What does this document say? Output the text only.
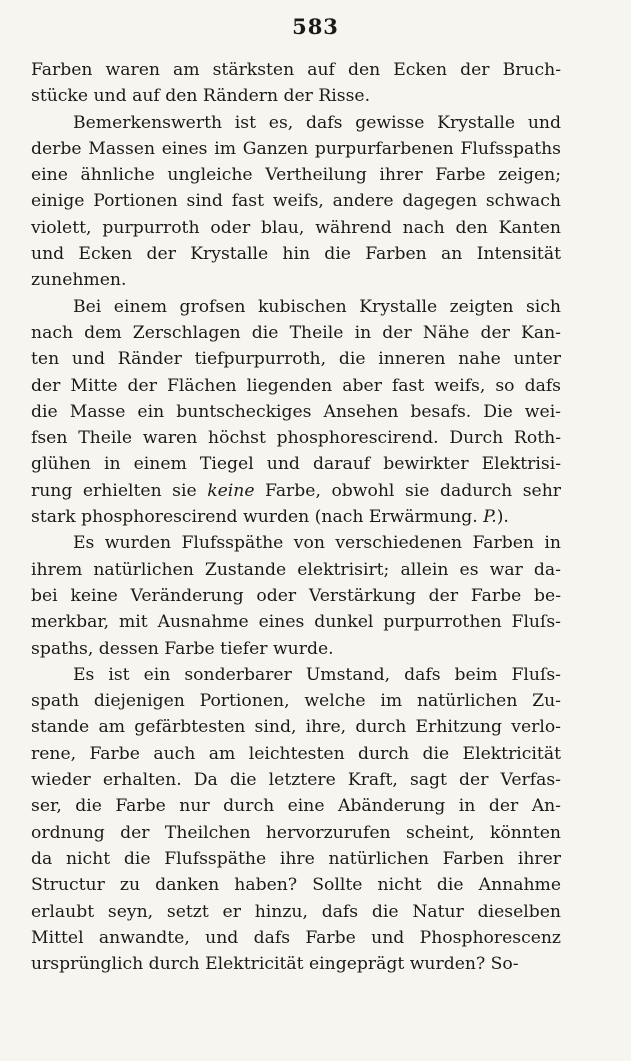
583
Farben waren am stärksten auf den Ecken der Bruch-
stücke und auf den Rändern der Risse.
Bemerkenswerth ist es, dafs gewisse Krystalle und
derbe Massen eines im Ganzen purpurfarbenen Flufsspaths
eine ähnliche ungleiche Vertheilung ihrer Farbe zeigen;
einige Portionen sind fast weifs, andere dagegen schwach
violett, purpurroth oder blau, während nach den Kanten
und Ecken der Krystalle hin die Farben an Intensität
zunehmen.
Bei einem grofsen kubischen Krystalle zeigten sich
nach dem Zerschlagen die Theile in der Nähe der Kan-
ten und Ränder tiefpurpurroth, die inneren nahe unter
der Mitte der Flächen liegenden aber fast weifs, so dafs
die Masse ein buntscheckiges Ansehen besafs. Die wei-
fsen Theile waren höchst phosphorescirend. Durch Roth-
glühen in einem Tiegel und darauf bewirkter Elektrisi-
rung erhielten sie keine Farbe, obwohl sie dadurch sehr
stark phosphorescirend wurden (nach Erwärmung. P.).
Es wurden Flufsspäthe von verschiedenen Farben in
ihrem natürlichen Zustande elektrisirt; allein es war da-
bei keine Veränderung oder Verstärkung der Farbe be-
merkbar, mit Ausnahme eines dunkel purpurrothen Fluſs-
spaths, dessen Farbe tiefer wurde.
Es ist ein sonderbarer Umstand, dafs beim Fluſs-
spath diejenigen Portionen, welche im natürlichen Zu-
stande am gefärbtesten sind, ihre, durch Erhitzung verlo-
rene, Farbe auch am leichtesten durch die Elektricität
wieder erhalten. Da die letztere Kraft, sagt der Verfas-
ser, die Farbe nur durch eine Abänderung in der An-
ordnung der Theilchen hervorzurufen scheint, könnten
da nicht die Flufsspäthe ihre natürlichen Farben ihrer
Structur zu danken haben? Sollte nicht die Annahme
erlaubt seyn, setzt er hinzu, dafs die Natur dieselben
Mittel anwandte, und dafs Farbe und Phosphorescenz
ursprünglich durch Elektricität eingeprägt wurden? So-
